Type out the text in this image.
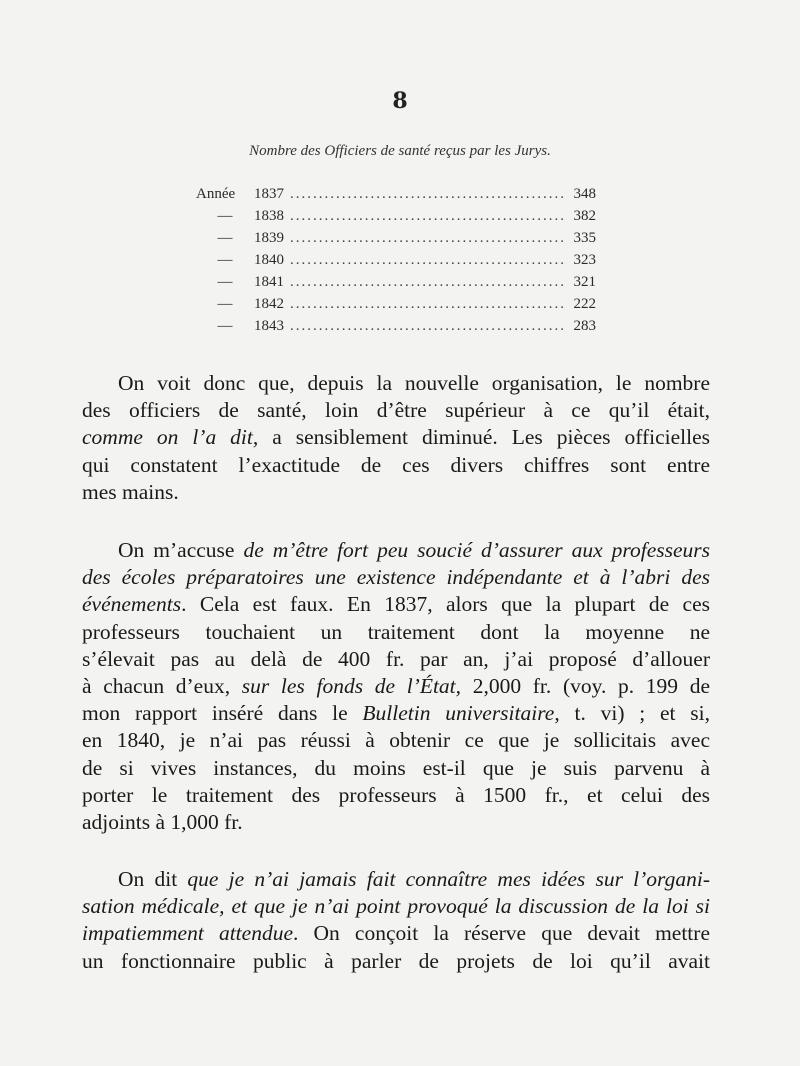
8
Nombre des Officiers de santé reçus par les Jurys.
Année	1837 .....	348
—	1838 .....	382
—	1839 .....	335
—	1840 .....	323
—	1841 .....	321
—	1842 .....	222
—	1843 .....	283

On voit donc que, depuis la nouvelle organisation, le nombre
des officiers de santé, loin d’être supérieur à ce qu’il était,
comme on l’a dit, a sensiblement diminué. Les pièces officielles
qui constatent l’exactitude de ces divers chiffres sont entre
mes mains.

On m’accuse de m’être fort peu soucié d’assurer aux professeurs
des écoles préparatoires une existence indépendante et à l’abri des
événements. Cela est faux. En 1837, alors que la plupart de ces
professeurs touchaient un traitement dont la moyenne ne
s’élevait pas au delà de 400 fr. par an, j’ai proposé d’allouer
à chacun d’eux, sur les fonds de l’État, 2,000 fr. (voy. p. 199 de
mon rapport inséré dans le Bulletin universitaire, t. vi) ; et si,
en 1840, je n’ai pas réussi à obtenir ce que je sollicitais avec
de si vives instances, du moins est-il que je suis parvenu à
porter le traitement des professeurs à 1500 fr., et celui des
adjoints à 1,000 fr.

On dit que je n’ai jamais fait connaître mes idées sur l’organi-
sation médicale, et que je n’ai point provoqué la discussion de la loi si
impatiemment attendue. On conçoit la réserve que devait mettre
un fonctionnaire public à parler de projets de loi qu’il avait
